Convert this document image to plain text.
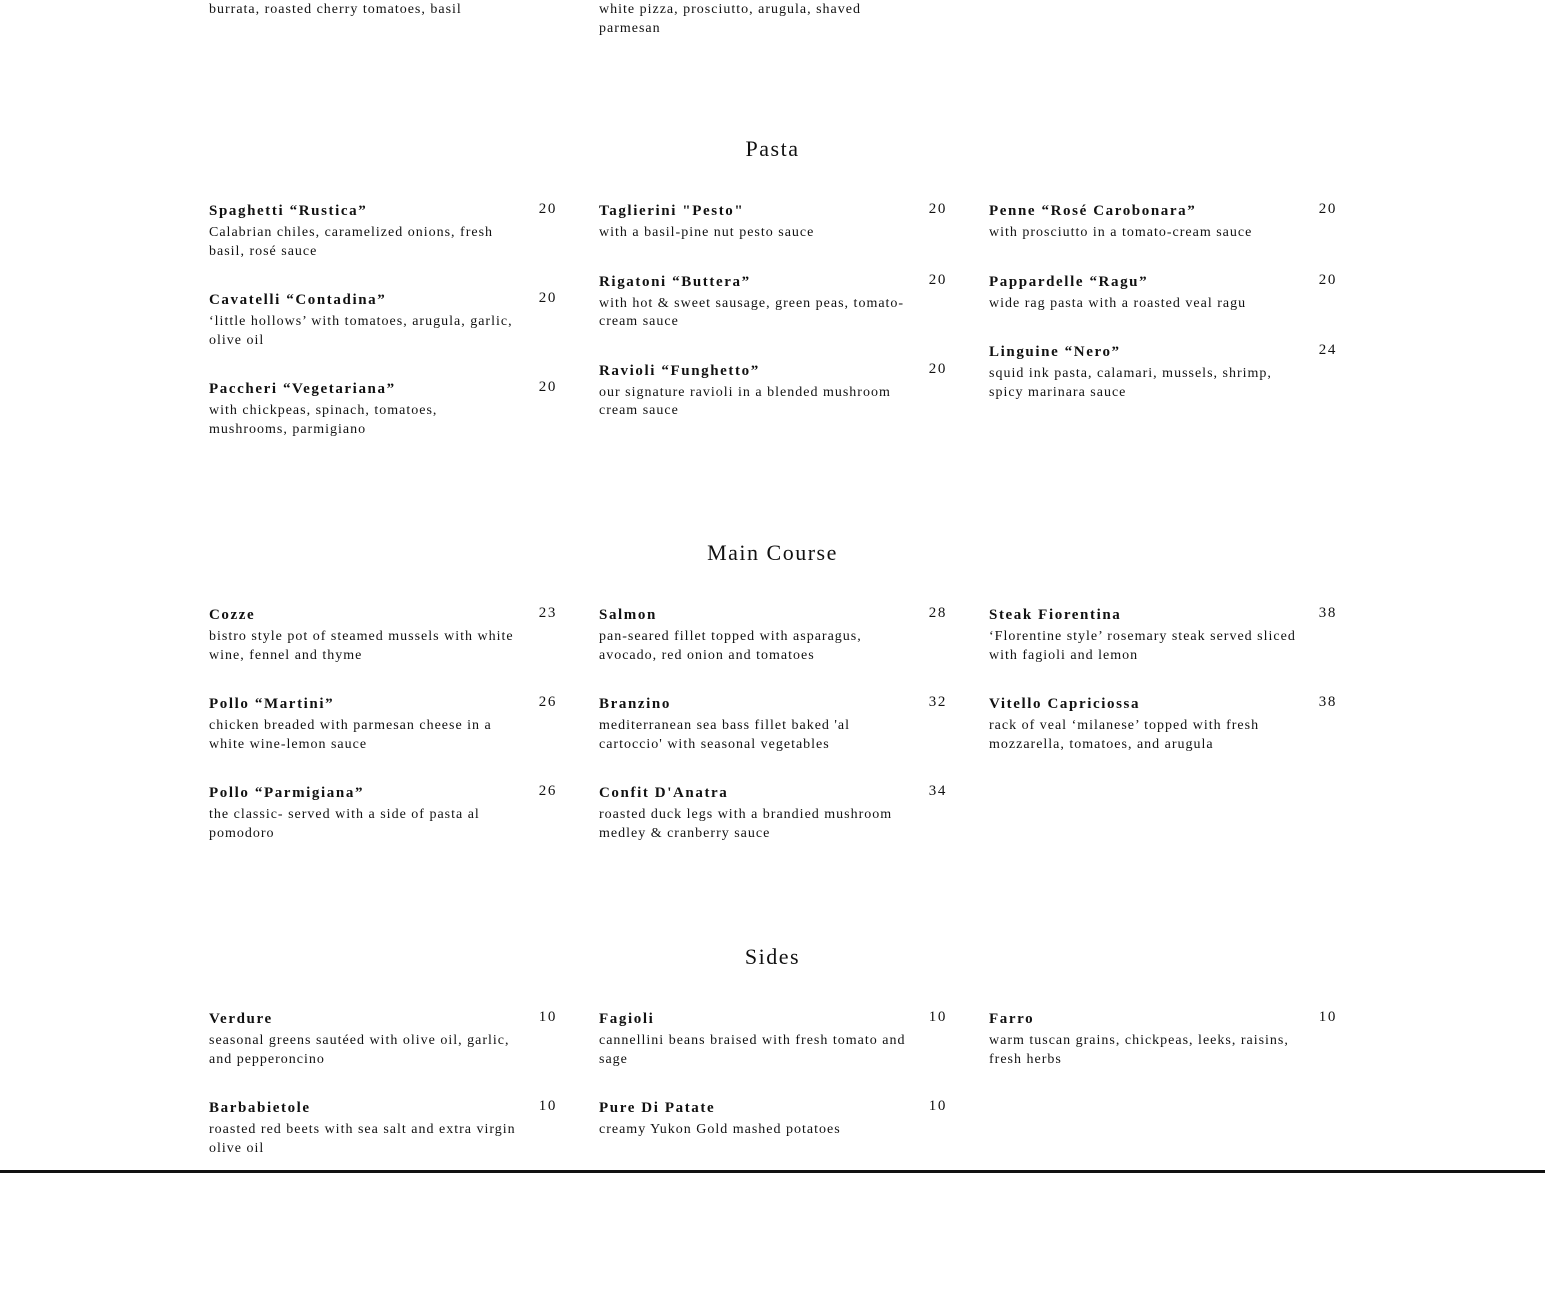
burrata, roasted cherry tomatoes, basil	white pizza, prosciutto, arugula, shaved parmesan
Pasta
Spaghetti “Rustica”	20
Calabrian chiles, caramelized onions, fresh basil, rosé sauce
Cavatelli “Contadina”	20
‘little hollows’ with tomatoes, arugula, garlic, olive oil
Paccheri “Vegetariana”	20
with chickpeas, spinach, tomatoes, mushrooms, parmigiano
Taglierini "Pesto"	20
with a basil-pine nut pesto sauce
Rigatoni “Buttera”	20
with hot & sweet sausage, green peas, tomato-cream sauce
Ravioli “Funghetto”	20
our signature ravioli in a blended mushroom cream sauce
Penne “Rosé Carobonara”	20
with prosciutto in a tomato-cream sauce
Pappardelle “Ragu”	20
wide rag pasta with a roasted veal ragu
Linguine “Nero”	24
squid ink pasta, calamari, mussels, shrimp, spicy marinara sauce
Main Course
Cozze	23
bistro style pot of steamed mussels with white wine, fennel and thyme
Pollo “Martini”	26
chicken breaded with parmesan cheese in a white wine-lemon sauce
Pollo “Parmigiana”	26
the classic- served with a side of pasta al pomodoro
Salmon	28
pan-seared fillet topped with asparagus, avocado, red onion and tomatoes
Branzino	32
mediterranean sea bass fillet baked 'al cartoccio' with seasonal vegetables
Confit D'Anatra	34
roasted duck legs with a brandied mushroom medley & cranberry sauce
Steak Fiorentina	38
‘Florentine style’ rosemary steak served sliced with fagioli and lemon
Vitello Capriciossa	38
rack of veal ‘milanese’ topped with fresh mozzarella, tomatoes, and arugula
Sides
Verdure	10
seasonal greens sautéed with olive oil, garlic, and pepperoncino
Barbabietole	10
roasted red beets with sea salt and extra virgin olive oil
Fagioli	10
cannellini beans braised with fresh tomato and sage
Pure Di Patate	10
creamy Yukon Gold mashed potatoes
Farro	10
warm tuscan grains, chickpeas, leeks, raisins, fresh herbs
